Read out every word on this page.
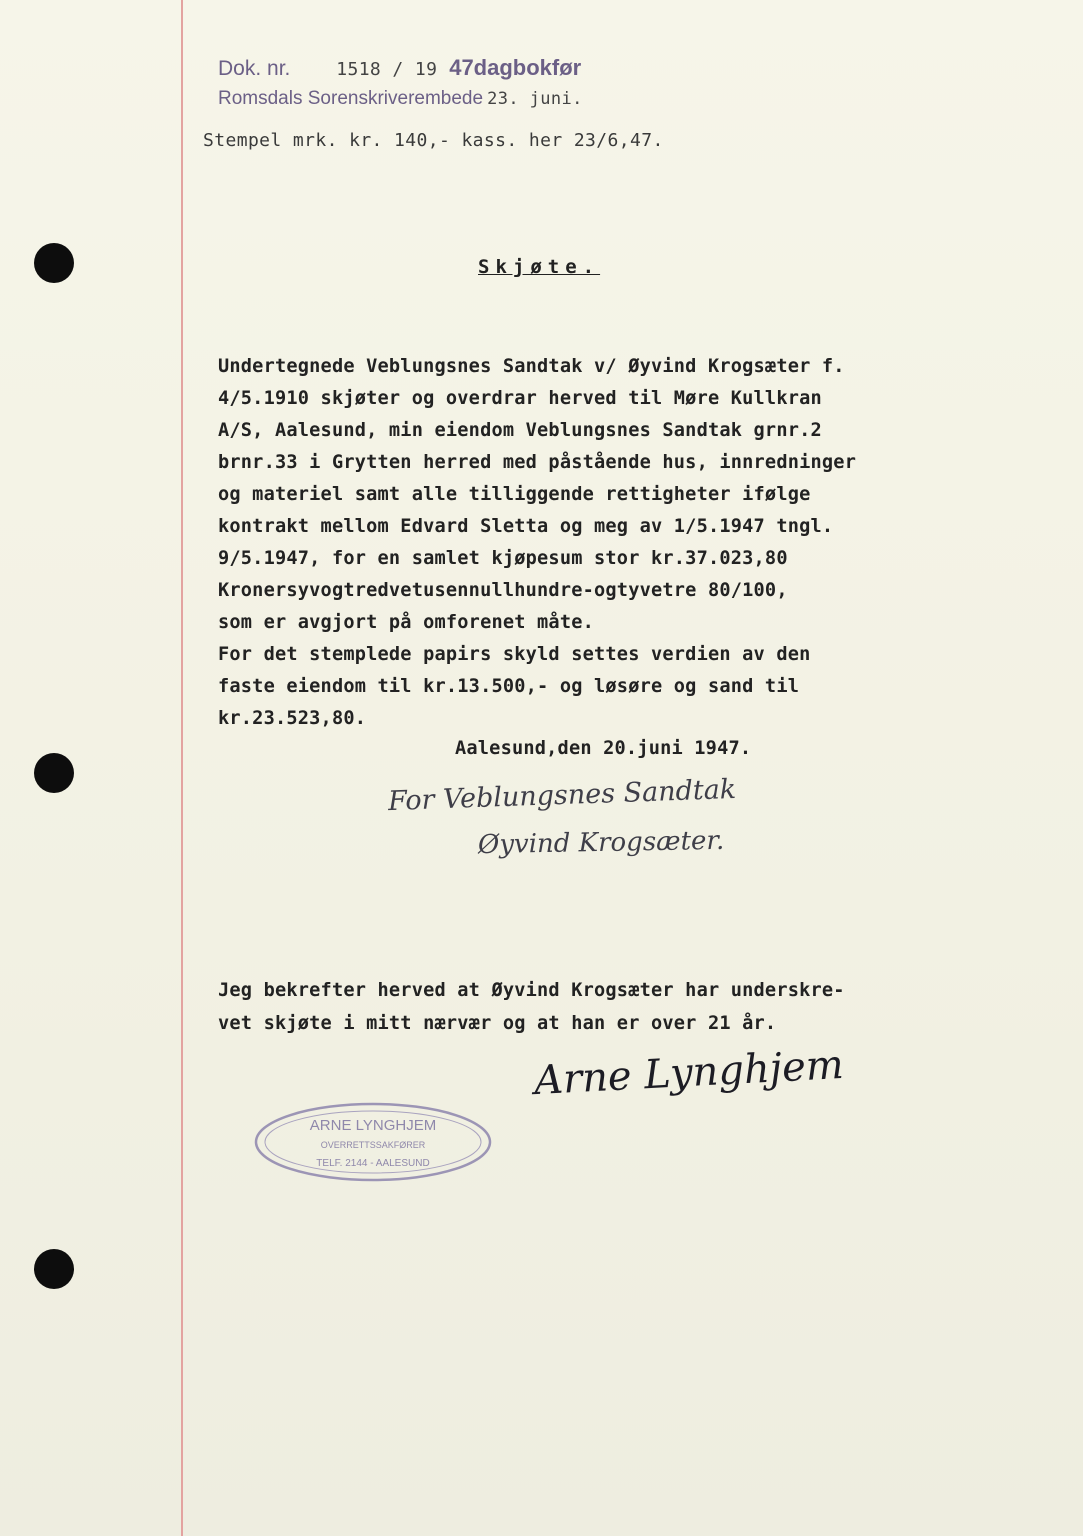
Dok. nr.	1518 / 19 47dagbokfør
Romsdals Sorenskriverembede 23. juni.
Stempel mrk. kr. 140,- kass. her 23/6,47.
Skjøte.
Undertegnede Veblungsnes Sandtak v/ Øyvind Krogsæter f.
4/5.1910 skjøter og overdrar herved til Møre Kullkran
A/S, Aalesund, min eiendom Veblungsnes Sandtak grnr.2
brnr.33 i Grytten herred med påstående hus, innredninger
og materiel samt alle tilliggende rettigheter ifølge
kontrakt mellom Edvard Sletta og meg av 1/5.1947 tngl.
9/5.1947, for en samlet kjøpesum stor kr.37.023,80
Kronersyvogtredvetusennullhundre-ogtyvetre 80/100,
som er avgjort på omforenet måte.
For det stemplede papirs skyld settes verdien av den
faste eiendom til kr.13.500,- og løsøre og sand til
kr.23.523,80.
Aalesund,den 20.juni 1947.
For Veblungsnes Sandtak
Øyvind Krogsæter.
Jeg bekrefter herved at Øyvind Krogsæter har underskre-
vet skjøte i mitt nærvær og at han er over 21 år.
Arne Lynghjem
ARNE LYNGHJEM
OVERRETTSSAKFØRER
TELF. 2144 - AALESUND
